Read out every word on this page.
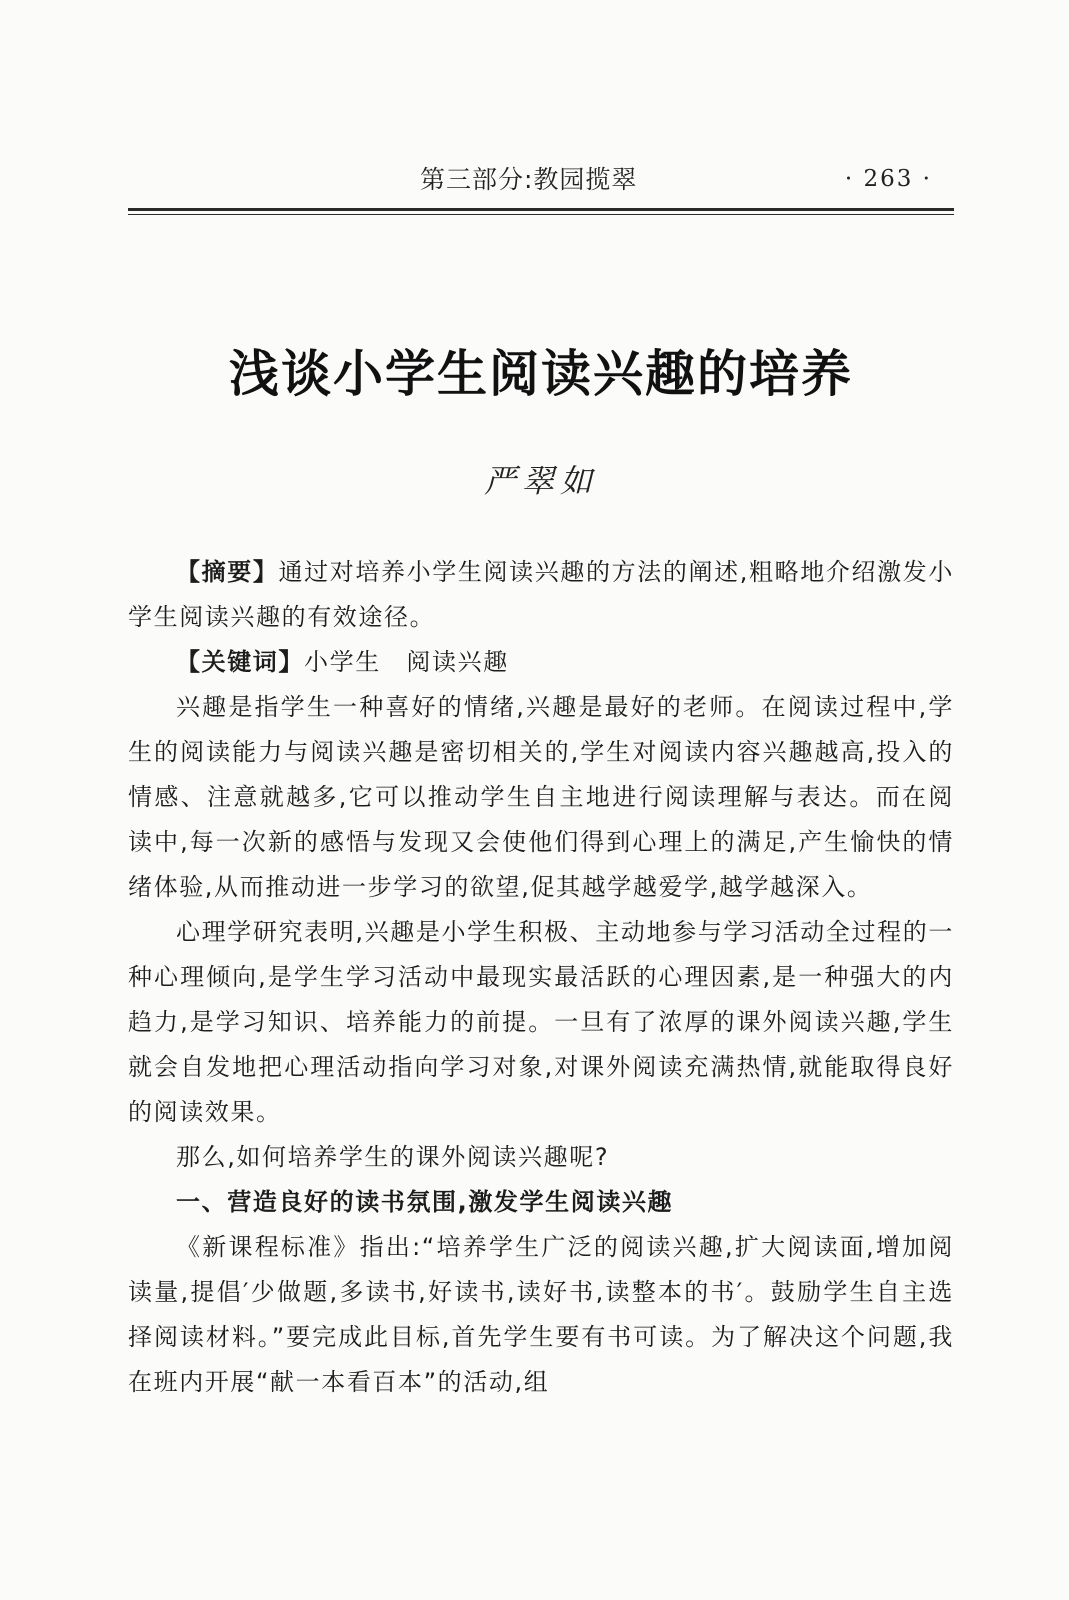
第三部分:教园揽翠	· 263 ·
浅谈小学生阅读兴趣的培养
严翠如

【摘要】通过对培养小学生阅读兴趣的方法的阐述,粗略地介绍激发小学生阅读兴趣的有效途径。

【关键词】小学生　阅读兴趣

兴趣是指学生一种喜好的情绪,兴趣是最好的老师。在阅读过程中,学生的阅读能力与阅读兴趣是密切相关的,学生对阅读内容兴趣越高,投入的情感、注意就越多,它可以推动学生自主地进行阅读理解与表达。而在阅读中,每一次新的感悟与发现又会使他们得到心理上的满足,产生愉快的情绪体验,从而推动进一步学习的欲望,促其越学越爱学,越学越深入。

心理学研究表明,兴趣是小学生积极、主动地参与学习活动全过程的一种心理倾向,是学生学习活动中最现实最活跃的心理因素,是一种强大的内趋力,是学习知识、培养能力的前提。一旦有了浓厚的课外阅读兴趣,学生就会自发地把心理活动指向学习对象,对课外阅读充满热情,就能取得良好的阅读效果。

那么,如何培养学生的课外阅读兴趣呢?

一、营造良好的读书氛围,激发学生阅读兴趣

《新课程标准》指出:“培养学生广泛的阅读兴趣,扩大阅读面,增加阅读量,提倡′少做题,多读书,好读书,读好书,读整本的书′。鼓励学生自主选择阅读材料。”要完成此目标,首先学生要有书可读。为了解决这个问题,我在班内开展“献一本看百本”的活动,组
